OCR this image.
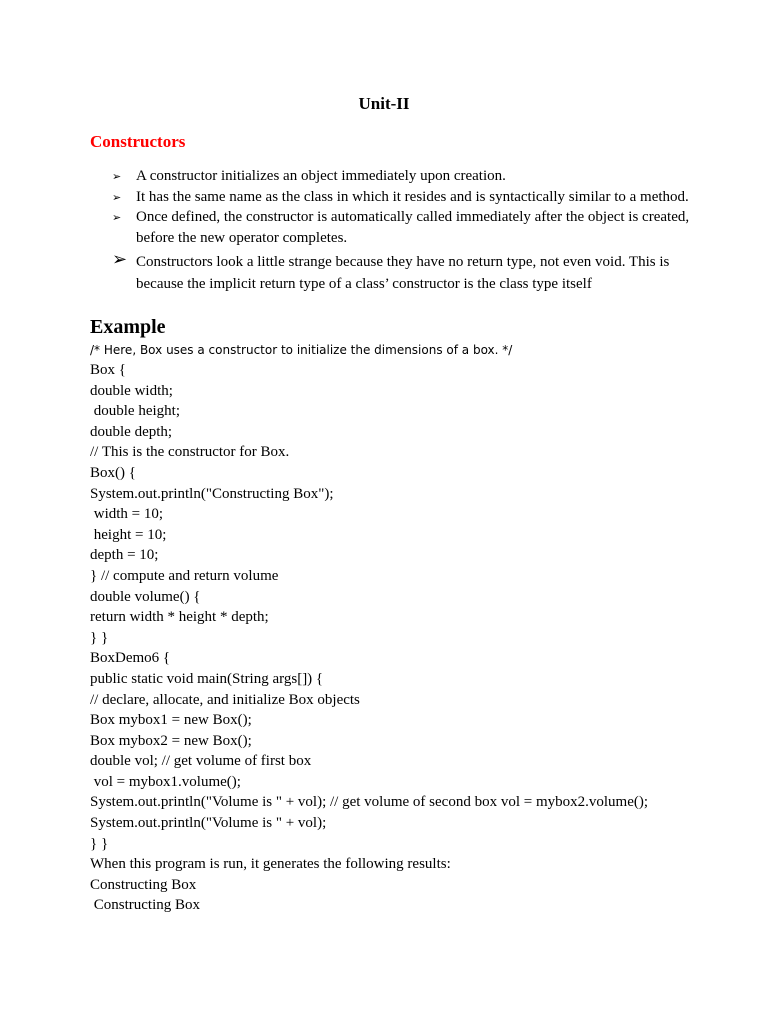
Unit-II
Constructors
➢ A constructor initializes an object immediately upon creation.
➢ It has the same name as the class in which it resides and is syntactically similar to a method.
➢ Once defined, the constructor is automatically called immediately after the object is created, before the new operator completes.
➢ Constructors look a little strange because they have no return type, not even void. This is because the implicit return type of a class’ constructor is the class type itself
Example
/* Here, Box uses a constructor to initialize the dimensions of a box. */
Box {
double width;
double height;
double depth;
// This is the constructor for Box.
Box() {
System.out.println("Constructing Box");
width = 10;
height = 10;
depth = 10;
} // compute and return volume
double volume() {
return width * height * depth;
} }
BoxDemo6 {
public static void main(String args[]) {
// declare, allocate, and initialize Box objects
Box mybox1 = new Box();
Box mybox2 = new Box();
double vol; // get volume of first box
vol = mybox1.volume();
System.out.println("Volume is " + vol); // get volume of second box vol = mybox2.volume();
System.out.println("Volume is " + vol);
} }
When this program is run, it generates the following results:
Constructing Box
Constructing Box
